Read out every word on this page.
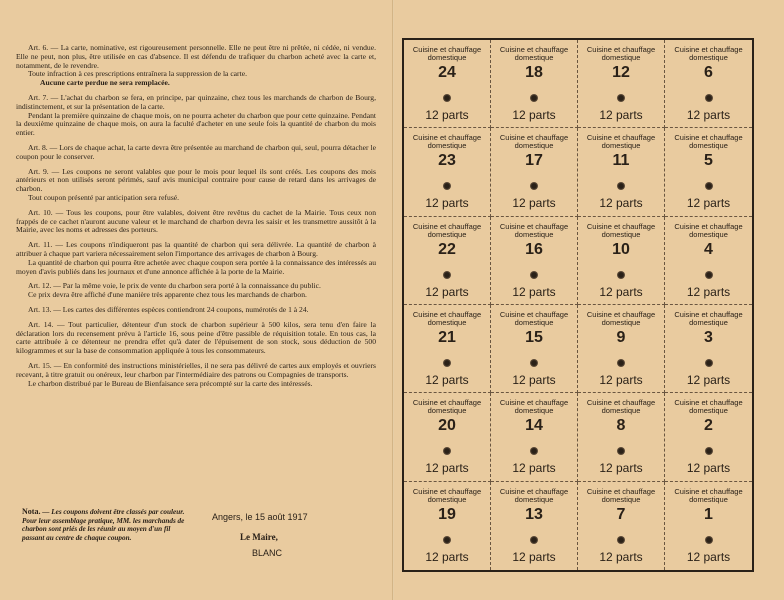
Art. 6. — La carte, nominative, est rigoureusement personnelle. Elle ne peut être ni prêtée, ni cédée, ni vendue. Elle ne peut, non plus, être utilisée en cas d'absence. Il est défendu de trafiquer du charbon acheté avec la carte et, notamment, de le revendre.

Toute infraction à ces prescriptions entraînera la suppression de la carte.

Aucune carte perdue ne sera remplacée.

Art. 7. — L'achat du charbon se fera, en principe, par quinzaine, chez tous les marchands de charbon de Bourg, indistinctement, et sur la présentation de la carte.

Pendant la première quinzaine de chaque mois, on ne pourra acheter du charbon que pour cette quinzaine. Pendant la deuxième quinzaine de chaque mois, on aura la faculté d'acheter en une seule fois la quantité de charbon du mois entier.

Art. 8. — Lors de chaque achat, la carte devra être présentée au marchand de charbon qui, seul, pourra détacher le coupon pour le conserver.

Art. 9. — Les coupons ne seront valables que pour le mois pour lequel ils sont créés. Les coupons des mois antérieurs et non utilisés seront périmés, sauf avis municipal contraire pour cause de retard dans les arrivages de charbon.

Tout coupon présenté par anticipation sera refusé.

Art. 10. — Tous les coupons, pour être valables, doivent être revêtus du cachet de la Mairie. Tous ceux non frappés de ce cachet n'auront aucune valeur et le marchand de charbon devra les saisir et les transmettre aussitôt à la Mairie, avec les noms et adresses des porteurs.

Art. 11. — Les coupons n'indiqueront pas la quantité de charbon qui sera délivrée. La quantité de charbon à attribuer à chaque part variera nécessairement selon l'importance des arrivages de charbon à Bourg.

La quantité de charbon qui pourra être achetée avec chaque coupon sera portée à la connaissance des intéressés au moyen d'avis publiés dans les journaux et d'une annonce affichée à la porte de la Mairie.

Art. 12. — Par la même voie, le prix de vente du charbon sera porté à la connaissance du public.

Ce prix devra être affiché d'une manière très apparente chez tous les marchands de charbon.

Art. 13. — Les cartes des différentes espèces contiendront 24 coupons, numérotés de 1 à 24.

Art. 14. — Tout particulier, détenteur d'un stock de charbon supérieur à 500 kilos, sera tenu d'en faire la déclaration lors du recensement prévu à l'article 16, sous peine d'être passible de réquisition totale. En tous cas, la carte attribuée à ce détenteur ne prendra effet qu'à dater de l'épuisement de son stock, sous déduction de 500 kilogrammes et sur la base de consommation appliquée à tous les consommateurs.

Art. 15. — En conformité des instructions ministérielles, il ne sera pas délivré de cartes aux employés et ouvriers recevant, à titre gratuit ou onéreux, leur charbon par l'intermédiaire des patrons ou Compagnies de transports.

Le charbon distribué par le Bureau de Bienfaisance sera précompté sur la carte des intéressés.

Nota. — Les coupons doivent être classés par couleur. Pour leur assemblage pratique, MM. les marchands de charbon sont priés de les réunir au moyen d'un fil passant au centre de chaque coupon.
Angers, le 15 août 1917
Le Maire,
BLANC
Cuisine et chauffage domestique
24
12 parts
Cuisine et chauffage domestique
18
12 parts
Cuisine et chauffage domestique
12
12 parts
Cuisine et chauffage domestique
6
12 parts
Cuisine et chauffage domestique
23
12 parts
Cuisine et chauffage domestique
17
12 parts
Cuisine et chauffage domestique
11
12 parts
Cuisine et chauffage domestique
5
12 parts
Cuisine et chauffage domestique
22
12 parts
Cuisine et chauffage domestique
16
12 parts
Cuisine et chauffage domestique
10
12 parts
Cuisine et chauffage domestique
4
12 parts
Cuisine et chauffage domestique
21
12 parts
Cuisine et chauffage domestique
15
12 parts
Cuisine et chauffage domestique
9
12 parts
Cuisine et chauffage domestique
3
12 parts
Cuisine et chauffage domestique
20
12 parts
Cuisine et chauffage domestique
14
12 parts
Cuisine et chauffage domestique
8
12 parts
Cuisine et chauffage domestique
2
12 parts
Cuisine et chauffage domestique
19
12 parts
Cuisine et chauffage domestique
13
12 parts
Cuisine et chauffage domestique
7
12 parts
Cuisine et chauffage domestique
1
12 parts
